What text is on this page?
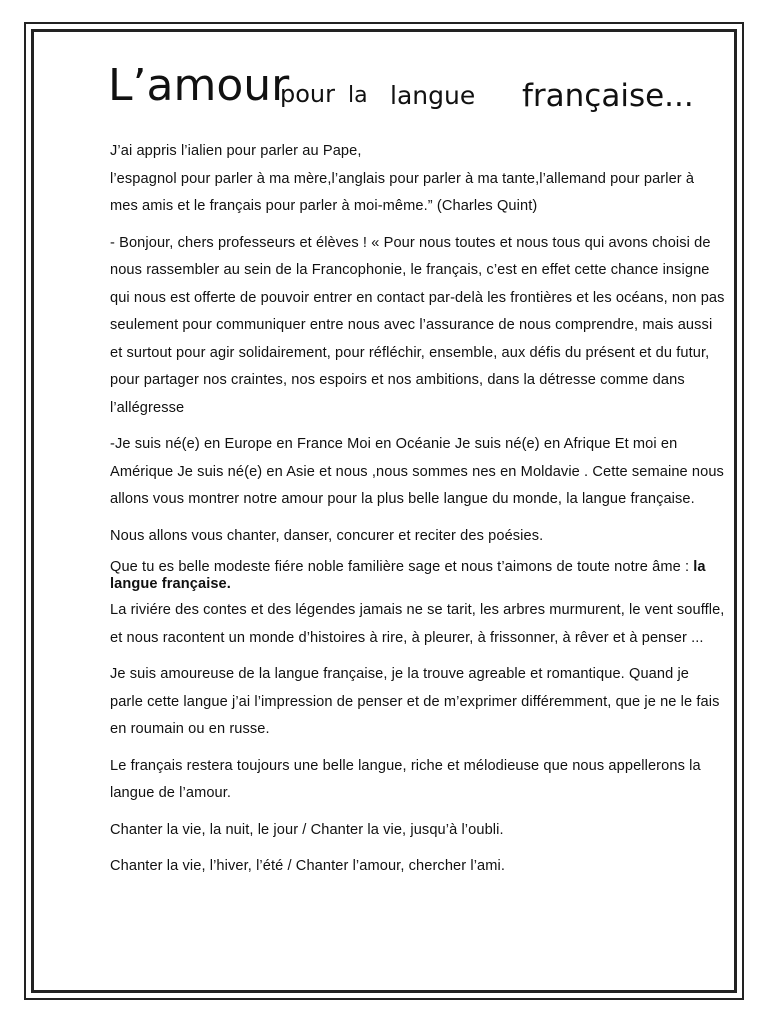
L’amour
pour la langue française...

J’ai appris l’ialien pour parler au Pape,
l’espagnol pour parler à ma mère,l’anglais pour parler à ma tante,l’allemand pour parler à mes amis et le français pour parler à moi-même.” (Charles Quint)

- Bonjour, chers professeurs et élèves ! « Pour nous toutes et nous tous qui avons choisi de nous rassembler au sein de la Francophonie, le français, c’est en effet cette chance insigne qui nous est offerte de pouvoir entrer en contact par-delà les frontières et les océans, non pas seulement pour communiquer entre nous avec l’assurance de nous comprendre, mais aussi et surtout pour agir solidairement, pour réfléchir, ensemble, aux défis du présent et du futur, pour partager nos craintes, nos espoirs et nos ambitions, dans la détresse comme dans l’allégresse

-Je suis né(e) en Europe en France Moi en Océanie Je suis né(e) en Afrique Et moi en Amérique Je suis né(e) en Asie et nous ,nous sommes nes en Moldavie . Cette semaine nous allons vous montrer notre amour pour la plus belle langue du monde, la langue française.

Nous allons vous chanter, danser, concurer et reciter des poésies.

Que tu es belle modeste fiére noble familière sage et nous t’aimons de toute notre âme : la langue française.

La riviére des contes et des légendes jamais ne se tarit, les arbres murmurent, le vent souffle, et nous racontent un monde d’histoires à rire, à pleurer, à frissonner, à rêver et à penser ...

Je suis amoureuse de la langue française, je la trouve agreable et romantique. Quand je parle cette langue j’ai l’impression de penser et de m’exprimer différemment, que je ne le fais en roumain ou en russe.

Le français restera toujours une belle langue, riche et mélodieuse que nous appellerons la langue de l’amour.

Chanter la vie, la nuit, le jour / Chanter la vie, jusqu’à l’oubli.

Chanter la vie, l’hiver, l’été / Chanter l’amour, chercher l’ami.
